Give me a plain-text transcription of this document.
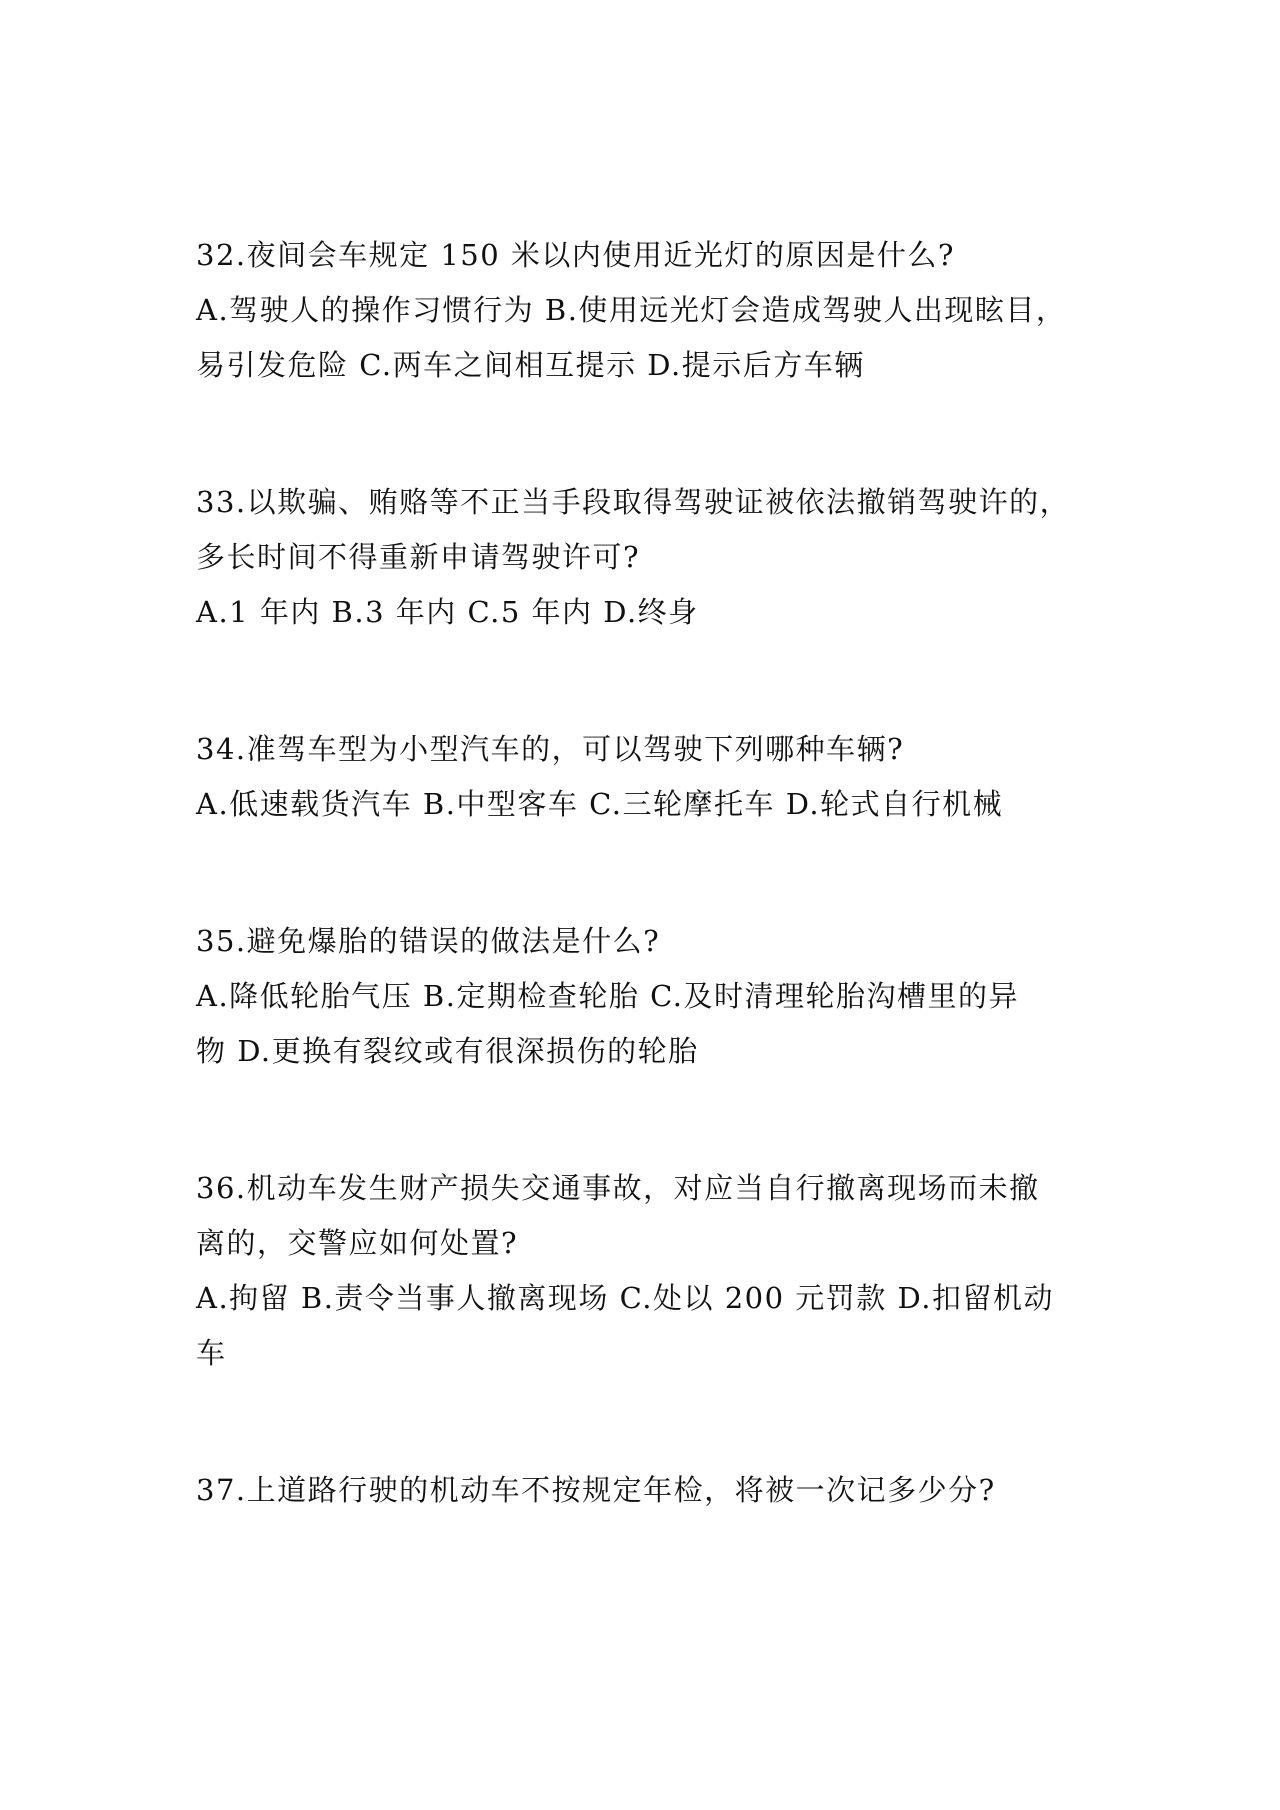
32.夜间会车规定 150 米以内使用近光灯的原因是什么?

A.驾驶人的操作习惯行为 B.使用远光灯会造成驾驶人出现眩目，

易引发危险 C.两车之间相互提示 D.提示后方车辆

33.以欺骗、贿赂等不正当手段取得驾驶证被依法撤销驾驶许的，

多长时间不得重新申请驾驶许可?

A.1 年内 B.3 年内 C.5 年内 D.终身

34.准驾车型为小型汽车的，可以驾驶下列哪种车辆?

A.低速载货汽车 B.中型客车 C.三轮摩托车 D.轮式自行机械

35.避免爆胎的错误的做法是什么?

A.降低轮胎气压 B.定期检查轮胎 C.及时清理轮胎沟槽里的异

物 D.更换有裂纹或有很深损伤的轮胎

36.机动车发生财产损失交通事故，对应当自行撤离现场而未撤

离的，交警应如何处置?

A.拘留 B.责令当事人撤离现场 C.处以 200 元罚款 D.扣留机动

车

37.上道路行驶的机动车不按规定年检，将被一次记多少分?
